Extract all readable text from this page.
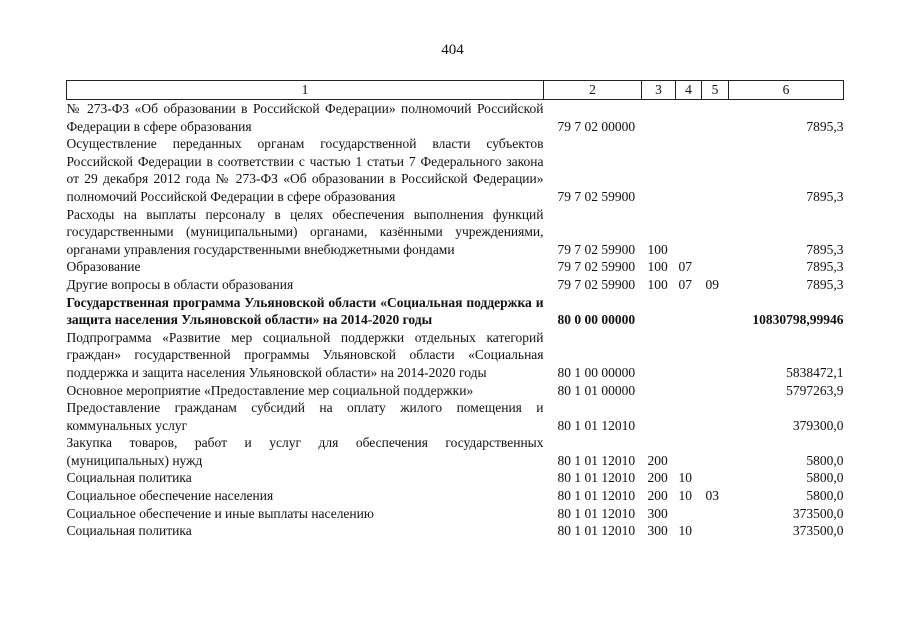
404
1	2	3	4	5	6
№ 273-ФЗ «Об образовании в Российской Федерации» полномочий Российской Федерации в сфере образования	79 7 02 00000				7895,3
Осуществление переданных органам государственной власти субъектов Российской Федерации в соответствии с частью 1 статьи 7 Федерального закона от 29 декабря 2012 года № 273-ФЗ «Об образовании в Российской Федерации» полномочий Российской Федерации в сфере образования	79 7 02 59900				7895,3
Расходы на выплаты персоналу в целях обеспечения выполнения функций государственными (муниципальными) органами, казёнными учреждениями, органами управления государственными внебюджетными фондами	79 7 02 59900	100			7895,3
Образование	79 7 02 59900	100	07		7895,3
Другие вопросы в области образования	79 7 02 59900	100	07	09	7895,3
Государственная программа Ульяновской области «Социальная поддержка и защита населения Ульяновской области» на 2014-2020 годы	80 0 00 00000				10830798,99946
Подпрограмма «Развитие мер социальной поддержки отдельных категорий граждан» государственной программы Ульяновской области «Социальная поддержка и защита населения Ульяновской области» на 2014-2020 годы	80 1 00 00000				5838472,1
Основное мероприятие «Предоставление мер социальной поддержки»	80 1 01 00000				5797263,9
Предоставление гражданам субсидий на оплату жилого помещения и коммунальных услуг	80 1 01 12010				379300,0
Закупка товаров, работ и услуг для обеспечения государственных (муниципальных) нужд	80 1 01 12010	200			5800,0
Социальная политика	80 1 01 12010	200	10		5800,0
Социальное обеспечение населения	80 1 01 12010	200	10	03	5800,0
Социальное обеспечение и иные выплаты населению	80 1 01 12010	300			373500,0
Социальная политика	80 1 01 12010	300	10		373500,0
